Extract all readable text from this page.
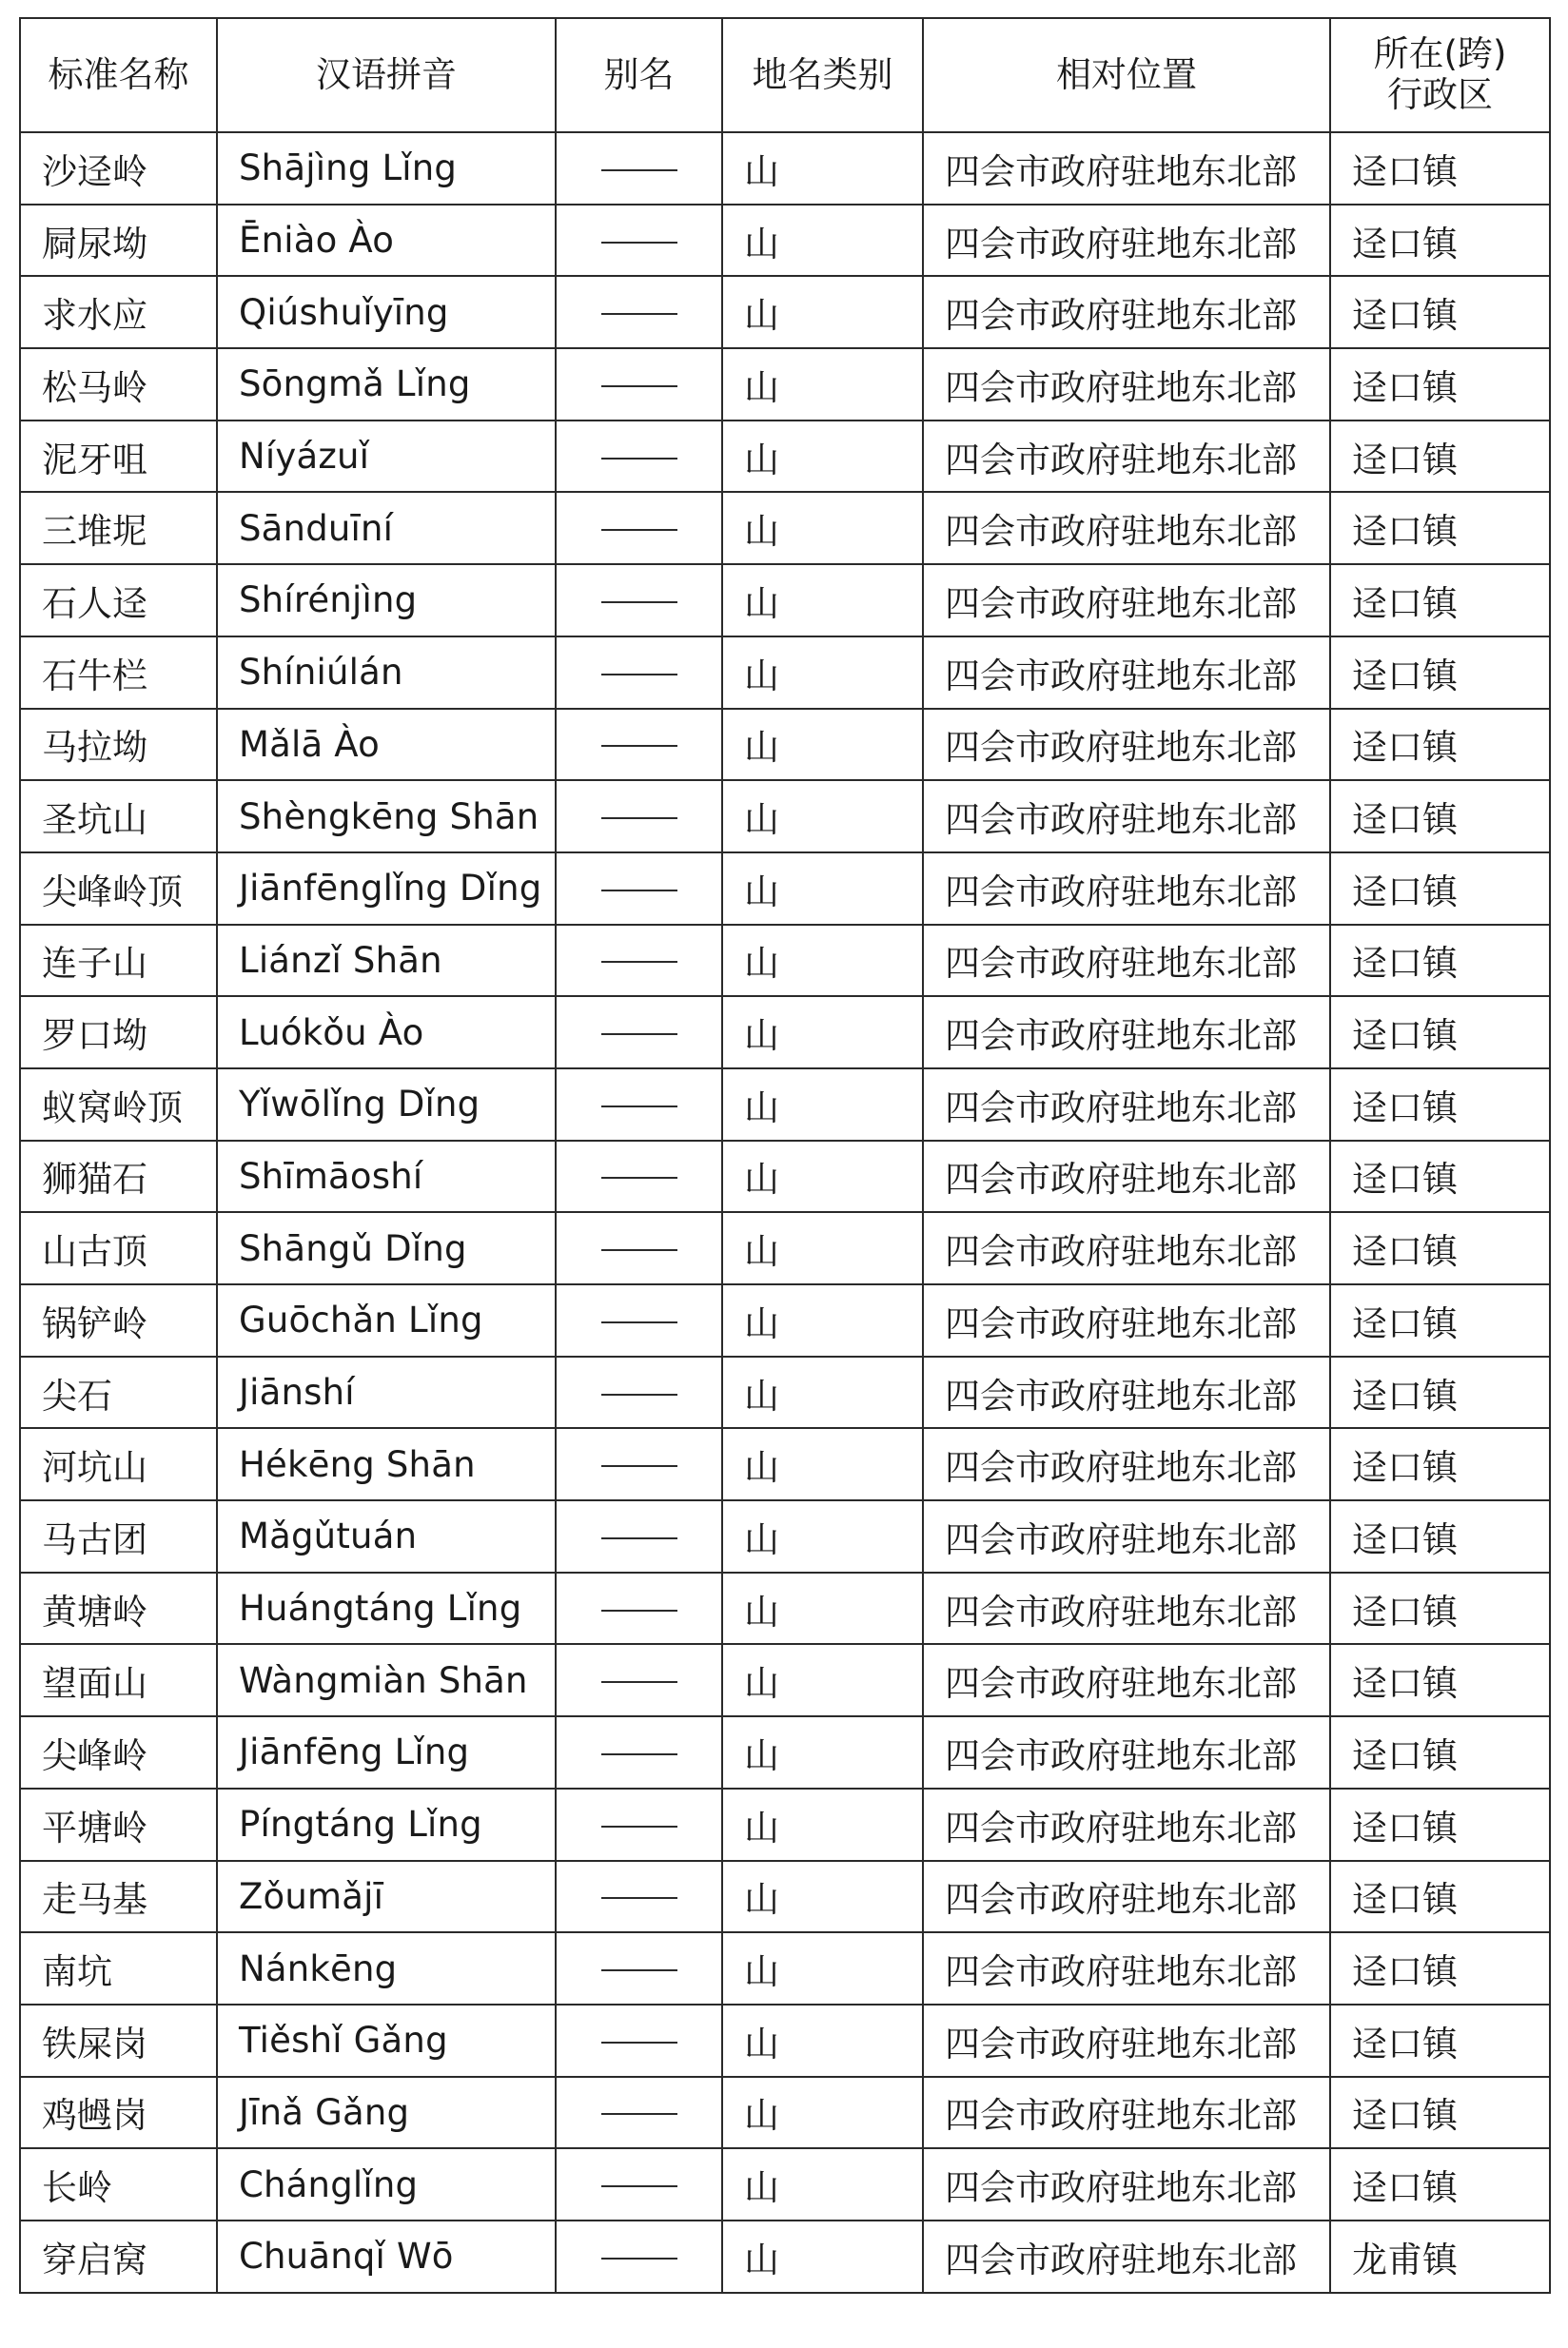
标准名称	汉语拼音	别名	地名类别	相对位置	所在(跨)
行政区

沙迳岭	Shājìng Lǐng		山	四会市政府驻地东北部	迳口镇
屙尿坳	Ēniào Ào		山	四会市政府驻地东北部	迳口镇
求水应	Qiúshuǐyīng		山	四会市政府驻地东北部	迳口镇
松马岭	Sōngmǎ Lǐng		山	四会市政府驻地东北部	迳口镇
泥牙咀	Níyázuǐ		山	四会市政府驻地东北部	迳口镇
三堆坭	Sānduīní		山	四会市政府驻地东北部	迳口镇
石人迳	Shírénjìng		山	四会市政府驻地东北部	迳口镇
石牛栏	Shíniúlán		山	四会市政府驻地东北部	迳口镇
马拉坳	Mǎlā Ào		山	四会市政府驻地东北部	迳口镇
圣坑山	Shèngkēng Shān		山	四会市政府驻地东北部	迳口镇
尖峰岭顶	Jiānfēnglǐng Dǐng		山	四会市政府驻地东北部	迳口镇
连子山	Liánzǐ Shān		山	四会市政府驻地东北部	迳口镇
罗口坳	Luókǒu Ào		山	四会市政府驻地东北部	迳口镇
蚁窝岭顶	Yǐwōlǐng Dǐng		山	四会市政府驻地东北部	迳口镇
狮猫石	Shīmāoshí		山	四会市政府驻地东北部	迳口镇
山古顶	Shāngǔ Dǐng		山	四会市政府驻地东北部	迳口镇
锅铲岭	Guōchǎn Lǐng		山	四会市政府驻地东北部	迳口镇
尖石	Jiānshí		山	四会市政府驻地东北部	迳口镇
河坑山	Hékēng Shān		山	四会市政府驻地东北部	迳口镇
马古团	Mǎgǔtuán		山	四会市政府驻地东北部	迳口镇
黄塘岭	Huángtáng Lǐng		山	四会市政府驻地东北部	迳口镇
望面山	Wàngmiàn Shān		山	四会市政府驻地东北部	迳口镇
尖峰岭	Jiānfēng Lǐng		山	四会市政府驻地东北部	迳口镇
平塘岭	Píngtáng Lǐng		山	四会市政府驻地东北部	迳口镇
走马基	Zǒumǎjī		山	四会市政府驻地东北部	迳口镇
南坑	Nánkēng		山	四会市政府驻地东北部	迳口镇
铁屎岗	Tiěshǐ Gǎng		山	四会市政府驻地东北部	迳口镇
鸡乸岗	Jīnǎ Gǎng		山	四会市政府驻地东北部	迳口镇
长岭	Chánglǐng		山	四会市政府驻地东北部	迳口镇
穿启窝	Chuānqǐ Wō		山	四会市政府驻地东北部	龙甫镇
